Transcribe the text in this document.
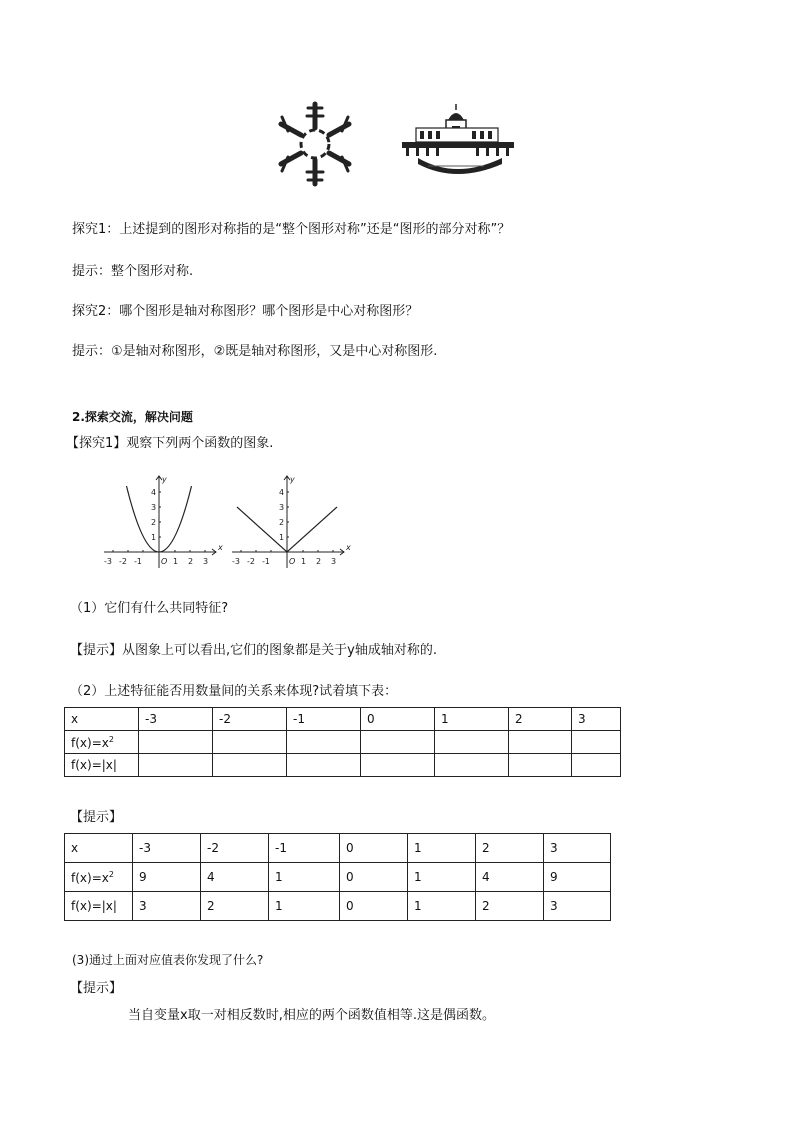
探究1：上述提到的图形对称指的是“整个图形对称”还是“图形的部分对称”？
提示：整个图形对称.
探究2：哪个图形是轴对称图形？哪个图形是中心对称图形？
提示：①是轴对称图形，②既是轴对称图形，又是中心对称图形.
2.探索交流，解决问题
【探究1】观察下列两个函数的图象.
-3 -2 -1 O 1 2 3
1
2
3
4
x
y
-3 -2 -1 O 1 2 3
1
2
3
4
x
y
（1）它们有什么共同特征?
【提示】从图象上可以看出,它们的图象都是关于y轴成轴对称的.
（2）上述特征能否用数量间的关系来体现?试着填下表：
x	-3	-2	-1	0	1	2	3
$f(x)=x^2$							
f(x)=|x|							
【提示】
x	-3	-2	-1	0	1	2	3
$f(x)=x^2$	9	4	1	0	1	4	9
f(x)=|x|	3	2	1	0	1	2	3
(3)通过上面对应值表你发现了什么?
【提示】
当自变量x取一对相反数时,相应的两个函数值相等.这是偶函数。
